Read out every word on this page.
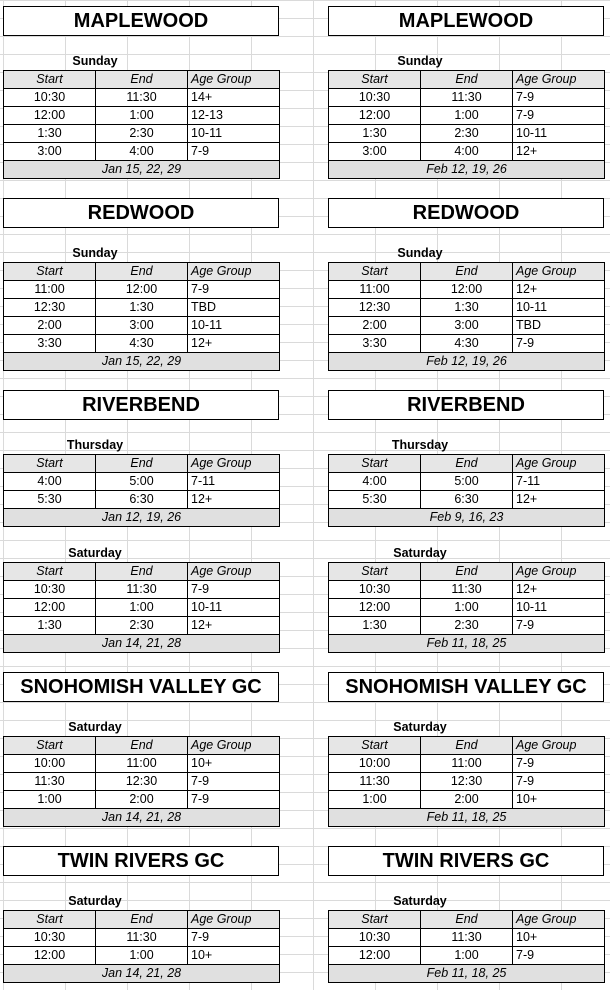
MAPLEWOOD
Sunday
Start	End	Age Group
10:30	11:30	14+
12:00	1:00	12-13
1:30	2:30	10-11
3:00	4:00	7-9
Jan 15, 22, 29		
REDWOOD
Sunday
Start	End	Age Group
11:00	12:00	7-9
12:30	1:30	TBD
2:00	3:00	10-11
3:30	4:30	12+
Jan 15, 22, 29		
RIVERBEND
Thursday
Start	End	Age Group
4:00	5:00	7-11
5:30	6:30	12+
Jan 12, 19, 26		
Saturday
Start	End	Age Group
10:30	11:30	7-9
12:00	1:00	10-11
1:30	2:30	12+
Jan 14, 21, 28		
SNOHOMISH VALLEY GC
Saturday
Start	End	Age Group
10:00	11:00	10+
11:30	12:30	7-9
1:00	2:00	7-9
Jan 14, 21, 28		
TWIN RIVERS GC
Saturday
Start	End	Age Group
10:30	11:30	7-9
12:00	1:00	10+
Jan 14, 21, 28		
MAPLEWOOD
Sunday
Start	End	Age Group
10:30	11:30	7-9
12:00	1:00	7-9
1:30	2:30	10-11
3:00	4:00	12+
Feb 12, 19, 26		
REDWOOD
Sunday
Start	End	Age Group
11:00	12:00	12+
12:30	1:30	10-11
2:00	3:00	TBD
3:30	4:30	7-9
Feb 12, 19, 26		
RIVERBEND
Thursday
Start	End	Age Group
4:00	5:00	7-11
5:30	6:30	12+
Feb 9, 16, 23		
Saturday
Start	End	Age Group
10:30	11:30	12+
12:00	1:00	10-11
1:30	2:30	7-9
Feb 11, 18, 25		
SNOHOMISH VALLEY GC
Saturday
Start	End	Age Group
10:00	11:00	7-9
11:30	12:30	7-9
1:00	2:00	10+
Feb 11, 18, 25		
TWIN RIVERS GC
Saturday
Start	End	Age Group
10:30	11:30	10+
12:00	1:00	7-9
Feb 11, 18, 25		
